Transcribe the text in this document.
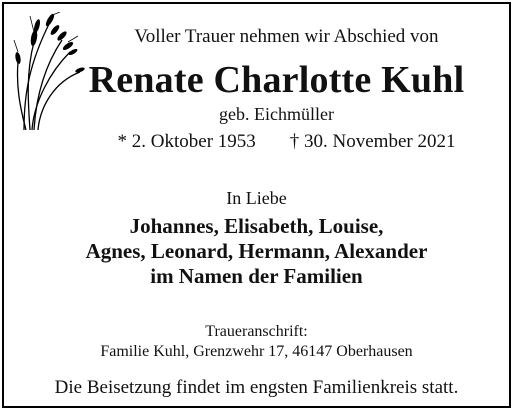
Voller Trauer nehmen wir Abschied von
Renate Charlotte Kuhl
geb. Eichmüller
* 2. Oktober 1953 † 30. November 2021
In Liebe
Johannes, Elisabeth, Louise,
Agnes, Leonard, Hermann, Alexander
im Namen der Familien
Traueranschrift:
Familie Kuhl, Grenzwehr 17, 46147 Oberhausen
Die Beisetzung findet im engsten Familienkreis statt.
